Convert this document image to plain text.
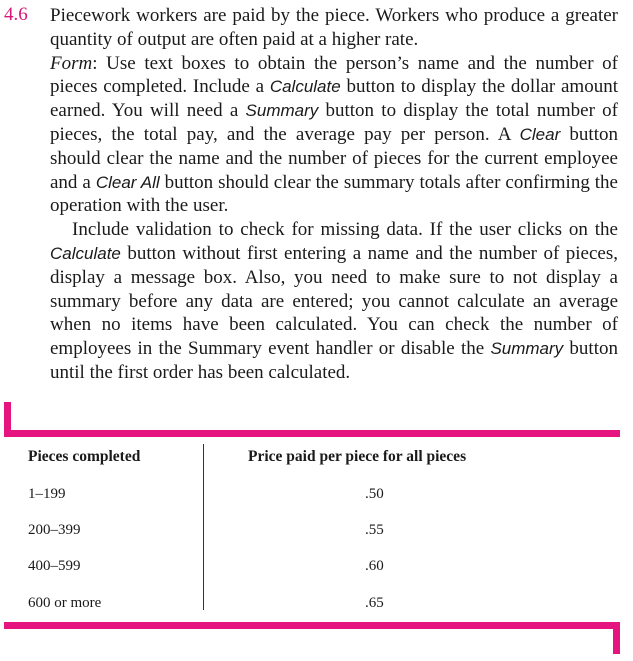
4.6 Piecework workers are paid by the piece. Workers who produce a greater quantity of output are often paid at a higher rate.

Form: Use text boxes to obtain the person’s name and the number of pieces completed. Include a Calculate button to display the dollar amount earned. You will need a Summary button to display the total number of pieces, the total pay, and the average pay per person. A Clear button should clear the name and the number of pieces for the current employee and a Clear All button should clear the summary totals after confirming the operation with the user.

Include validation to check for missing data. If the user clicks on the Calculate button without first entering a name and the number of pieces, display a message box. Also, you need to make sure to not display a summary before any data are entered; you cannot calculate an average when no items have been calculated. You can check the number of employees in the Summary event handler or disable the Summary button until the first order has been calculated.

Pieces completed	Price paid per piece for all pieces
1–199	.50
200–399	.55
400–599	.60
600 or more	.65
